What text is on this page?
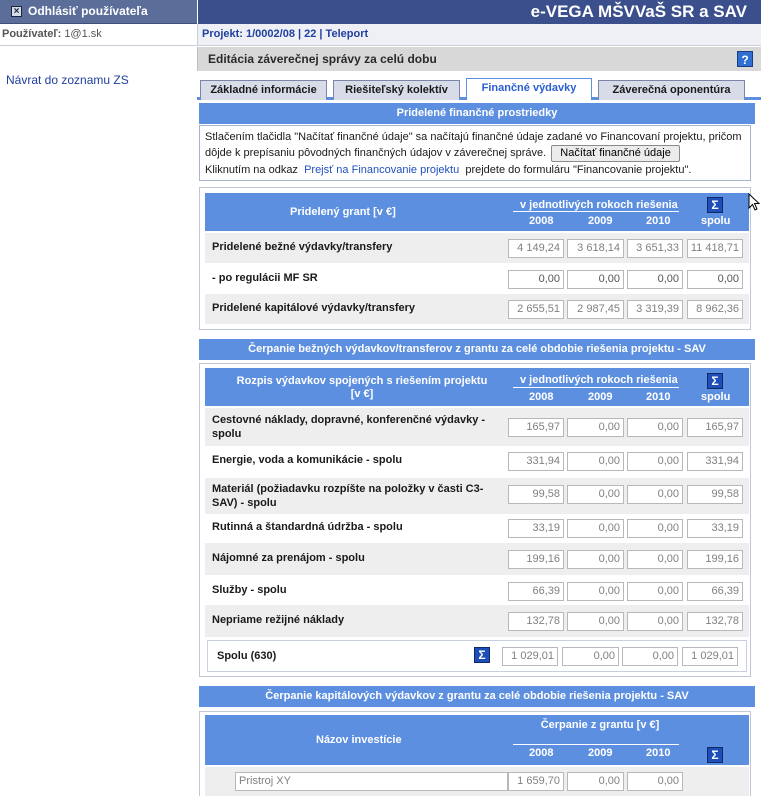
× Odhlásiť používateľa	e-VEGA MŠVVaŠ SR a SAV
Používateľ: 1@1.sk	Projekt: 1/0002/08 | 22 | Teleport
Návrat do zoznamu ZS
Editácia záverečnej správy za celú dobu	?
Základné informácie	Riešiteľský kolektív	Finančné výdavky	Záverečná oponentúra
Pridelené finančné prostriedky
Stlačením tlačidla "Načítať finančné údaje" sa načítajú finančné údaje zadané vo Financovaní projektu, pričom dôjde k prepísaniu pôvodných finančných údajov v záverečnej správe. Načítať finančné údaje
Kliknutím na odkaz Prejsť na Financovanie projektu prejdete do formuláru "Financovanie projektu".
Pridelený grant [v €]
v jednotlivých rokoch riešenia
2008	2009	2010	spolu
Σ
Pridelené bežné výdavky/transfery	4 149,24	3 618,14	3 651,33	11 418,71
- po regulácii MF SR	0,00	0,00	0,00	0,00
Pridelené kapitálové výdavky/transfery	2 655,51	2 987,45	3 319,39	8 962,36
Čerpanie bežných výdavkov/transferov z grantu za celé obdobie riešenia projektu - SAV
Rozpis výdavkov spojených s riešením projektu [v €]
v jednotlivých rokoch riešenia
2008	2009	2010	spolu
Σ
Cestovné náklady, dopravné, konferenčné výdavky - spolu
165,97	0,00	0,00	165,97
Energie, voda a komunikácie - spolu	331,94	0,00	0,00	331,94
Materiál (požiadavku rozpíšte na položky v časti C3-SAV) - spolu
99,58	0,00	0,00	99,58
Rutinná a štandardná údržba - spolu	33,19	0,00	0,00	33,19
Nájomné za prenájom - spolu	199,16	0,00	0,00	199,16
Služby - spolu	66,39	0,00	0,00	66,39
Nepriame režijné náklady	132,78	0,00	0,00	132,78
Spolu (630)
Σ	1 029,01	0,00	0,00	1 029,01
Čerpanie kapitálových výdavkov z grantu za celé obdobie riešenia projektu - SAV
Názov investície
Čerpanie z grantu [v €]
2008	2009	2010
Σ
Pristroj XY	1 659,70	0,00	0,00
